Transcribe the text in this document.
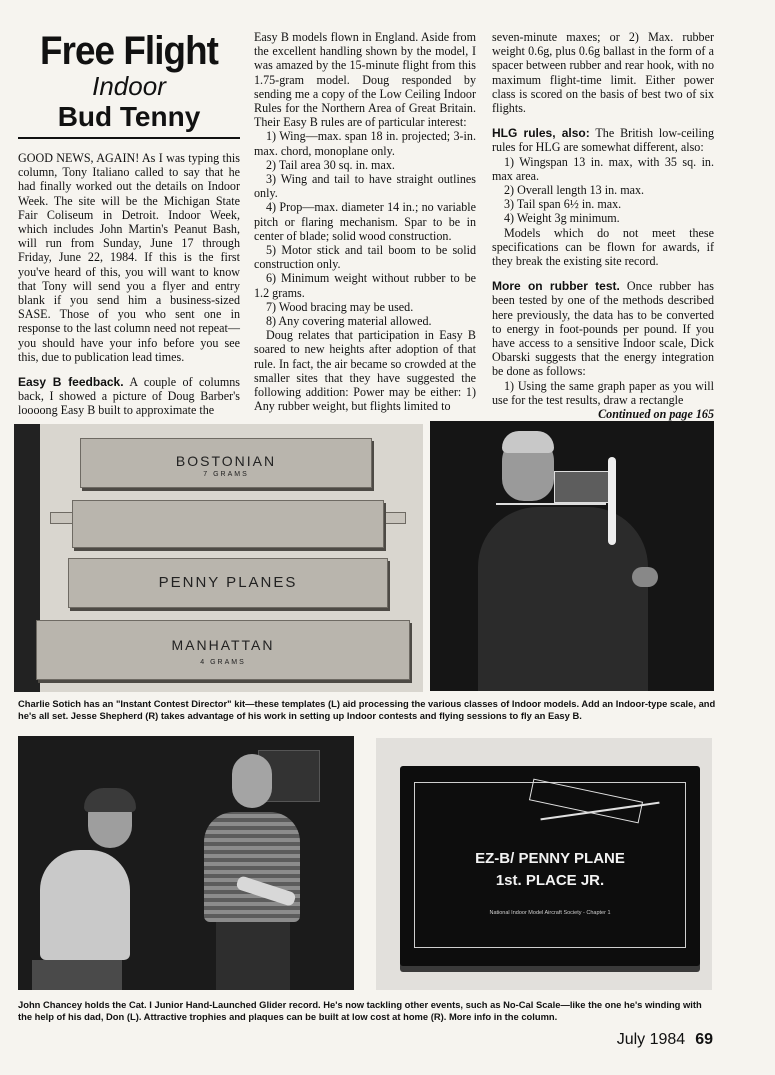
Free Flight
Indoor
Bud Tenny

GOOD NEWS, AGAIN! As I was typing this column, Tony Italiano called to say that he had finally worked out the details on Indoor Week. The site will be the Michigan State Fair Coliseum in Detroit. Indoor Week, which includes John Martin's Peanut Bash, will run from Sunday, June 17 through Friday, June 22, 1984. If this is the first you've heard of this, you will want to know that Tony will send you a flyer and entry blank if you send him a business-sized SASE. Those of you who sent one in response to the last column need not repeat—you should have your info before you see this, due to publication lead times.

Easy B feedback. A couple of columns back, I showed a picture of Doug Barber's loooong Easy B built to approximate the

Easy B models flown in England. Aside from the excellent handling shown by the model, I was amazed by the 15-minute flight from this 1.75-gram model. Doug responded by sending me a copy of the Low Ceiling Indoor Rules for the Northern Area of Great Britain. Their Easy B rules are of particular interest:

1) Wing—max. span 18 in. projected; 3-in. max. chord, monoplane only.

2) Tail area 30 sq. in. max.

3) Wing and tail to have straight outlines only.

4) Prop—max. diameter 14 in.; no variable pitch or flaring mechanism. Spar to be in center of blade; solid wood construction.

5) Motor stick and tail boom to be solid construction only.

6) Minimum weight without rubber to be 1.2 grams.

7) Wood bracing may be used.

8) Any covering material allowed.

Doug relates that participation in Easy B soared to new heights after adoption of that rule. In fact, the air became so crowded at the smaller sites that they have suggested the following addition: Power may be either: 1) Any rubber weight, but flights limited to

seven-minute maxes; or 2) Max. rubber weight 0.6g, plus 0.6g ballast in the form of a spacer between rubber and rear hook, with no maximum flight-time limit. Either power class is scored on the basis of best two of six flights.

HLG rules, also: The British low-ceiling rules for HLG are somewhat different, also:

1) Wingspan 13 in. max, with 35 sq. in. max area.

2) Overall length 13 in. max.

3) Tail span 6½ in. max.

4) Weight 3g minimum.

Models which do not meet these specifications can be flown for awards, if they break the existing site record.

More on rubber test. Once rubber has been tested by one of the methods described here previously, the data has to be converted to energy in foot-pounds per pound. If you have access to a sensitive Indoor scale, Dick Obarski suggests that the energy integration be done as follows:

1) Using the same graph paper as you will use for the test results, draw a rectangle

Continued on page 165

BOSTONIAN
7 GRAMS
PENNY PLANES
MANHATTAN
4 GRAMS
Charlie Sotich has an "Instant Contest Director" kit—these templates (L) aid processing the various classes of Indoor models. Add an Indoor-type scale, and he's all set. Jesse Shepherd (R) takes advantage of his work in setting up Indoor contests and flying sessions to fly an Easy B.
EZ-B/ PENNY PLANE
1st. PLACE JR.
National Indoor Model Aircraft Society - Chapter 1
John Chancey holds the Cat. I Junior Hand-Launched Glider record. He's now tackling other events, such as No-Cal Scale—like the one he's winding with the help of his dad, Don (L). Attractive trophies and plaques can be built at low cost at home (R). More info in the column.
July 1984 69
